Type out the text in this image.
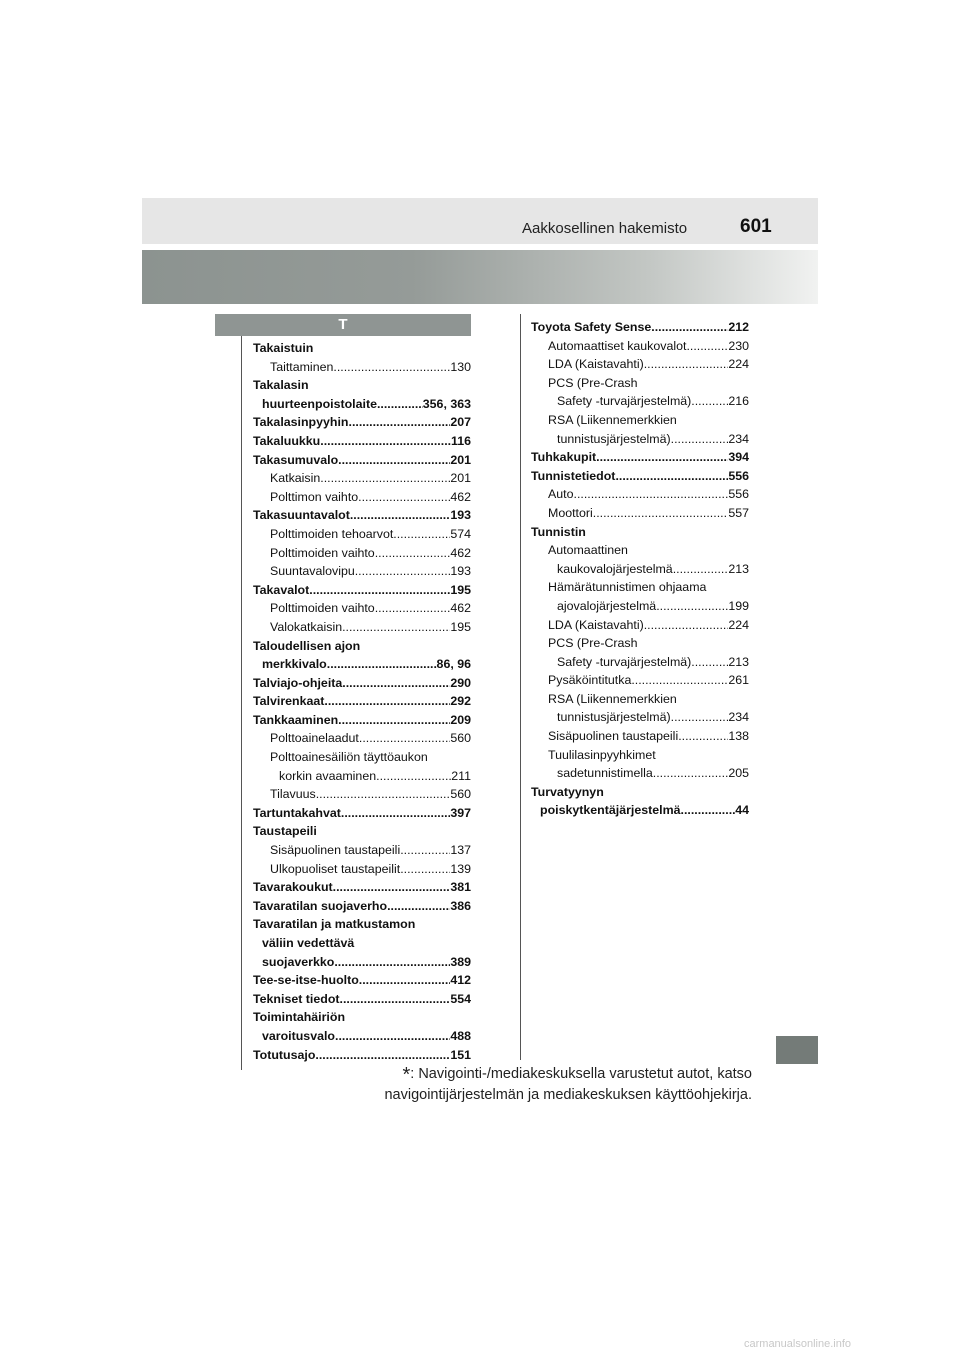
Aakkosellinen hakemisto	601
T
Takaistuin
Taittaminen .....	130
Takalasin
huurteenpoistolaite .....	356, 363
Takalasinpyyhin .....	207
Takaluukku .....	116
Takasumuvalo .....	201
Katkaisin .....	201
Polttimon vaihto .....	462
Takasuuntavalot .....	193
Polttimoiden tehoarvot .....	574
Polttimoiden vaihto .....	462
Suuntavalovipu .....	193
Takavalot .....	195
Polttimoiden vaihto .....	462
Valokatkaisin .....	195
Taloudellisen ajon
merkkivalo .....	86, 96
Talviajo-ohjeita .....	290
Talvirenkaat .....	292
Tankkaaminen .....	209
Polttoainelaadut .....	560
Polttoainesäiliön täyttöaukon
korkin avaaminen .....	211
Tilavuus .....	560
Tartuntakahvat .....	397
Taustapeili
Sisäpuolinen taustapeili .....	137
Ulkopuoliset taustapeilit .....	139
Tavarakoukut .....	381
Tavaratilan suojaverho .....	386
Tavaratilan ja matkustamon
väliin vedettävä
suojaverkko .....	389
Tee-se-itse-huolto .....	412
Tekniset tiedot .....	554
Toimintahäiriön
varoitusvalo .....	488
Totutusajo .....	151
Toyota Safety Sense .....	212
Automaattiset kaukovalot .....	230
LDA (Kaistavahti) .....	224
PCS (Pre-Crash
Safety -turvajärjestelmä) .....	216
RSA (Liikennemerkkien
tunnistusjärjestelmä) .....	234
Tuhkakupit .....	394
Tunnistetiedot .....	556
Auto .....	556
Moottori .....	557
Tunnistin
Automaattinen
kaukovalojärjestelmä .....	213
Hämärätunnistimen ohjaama
ajovalojärjestelmä .....	199
LDA (Kaistavahti) .....	224
PCS (Pre-Crash
Safety -turvajärjestelmä) .....	213
Pysäköintitutka .....	261
RSA (Liikennemerkkien
tunnistusjärjestelmä) .....	234
Sisäpuolinen taustapeili .....	138
Tuulilasinpyyhkimet
sadetunnistimella .....	205
Turvatyynyn
poiskytkentäjärjestelmä .....	44
*: Navigointi-/mediakeskuksella varustetut autot, katso
navigointijärjestelmän ja mediakeskuksen käyttöohjekirja.
carmanualsonline.info
